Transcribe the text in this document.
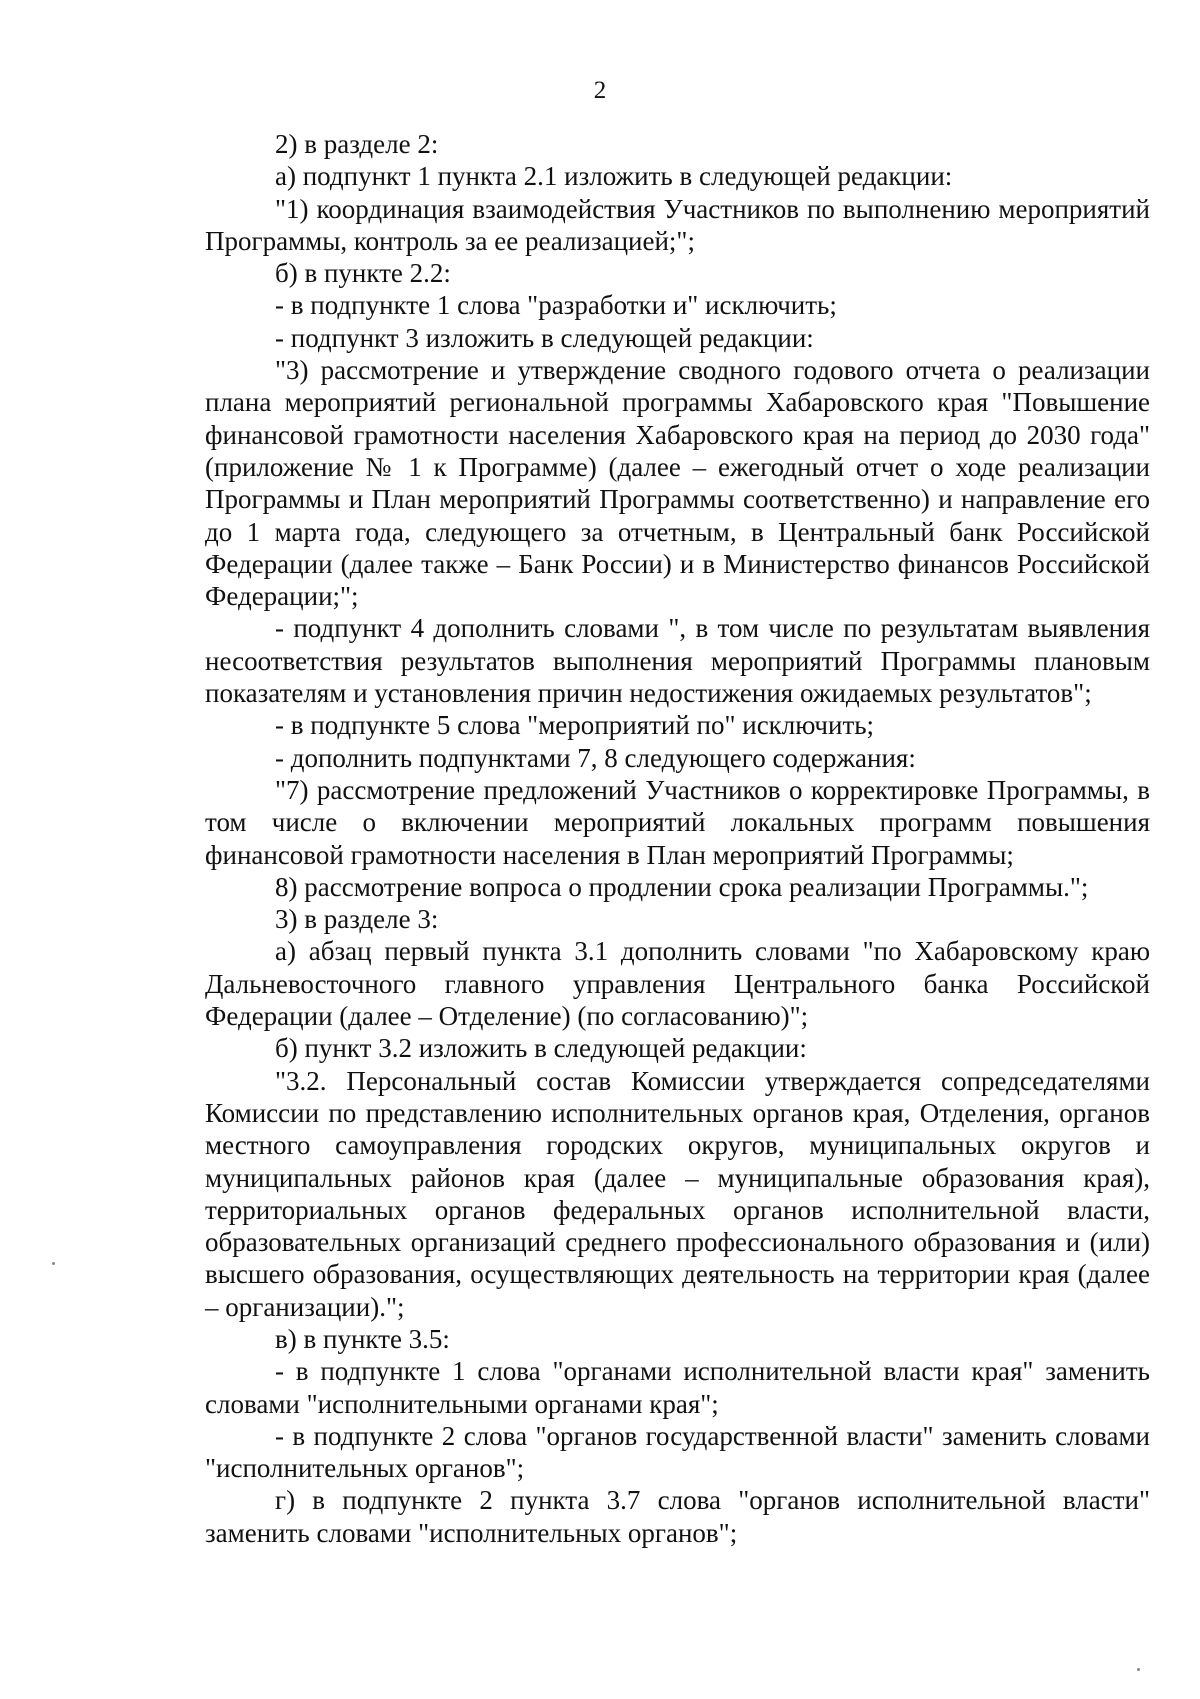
2

2) в разделе 2:

а) подпункт 1 пункта 2.1 изложить в следующей редакции:

"1) координация взаимодействия Участников по выполнению мероприятий Программы, контроль за ее реализацией;";

б) в пункте 2.2:

- в подпункте 1 слова "разработки и" исключить;

- подпункт 3 изложить в следующей редакции:

"3) рассмотрение и утверждение сводного годового отчета о реализации плана мероприятий региональной программы Хабаровского края "Повышение финансовой грамотности населения Хабаровского края на период до 2030 года" (приложение № 1 к Программе) (далее – ежегодный отчет о ходе реализации Программы и План мероприятий Программы соответственно) и направление его до 1 марта года, следующего за отчетным, в Центральный банк Российской Федерации (далее также – Банк России) и в Министерство финансов Российской Федерации;";

- подпункт 4 дополнить словами ", в том числе по результатам выявления несоответствия результатов выполнения мероприятий Программы плановым показателям и установления причин недостижения ожидаемых результатов";

- в подпункте 5 слова "мероприятий по" исключить;

- дополнить подпунктами 7, 8 следующего содержания:

"7) рассмотрение предложений Участников о корректировке Программы, в том числе о включении мероприятий локальных программ повышения финансовой грамотности населения в План мероприятий Программы;

8) рассмотрение вопроса о продлении срока реализации Программы.";

3) в разделе 3:

а) абзац первый пункта 3.1 дополнить словами "по Хабаровскому краю Дальневосточного главного управления Центрального банка Российской Федерации (далее – Отделение) (по согласованию)";

б) пункт 3.2 изложить в следующей редакции:

"3.2. Персональный состав Комиссии утверждается сопредседателями Комиссии по представлению исполнительных органов края, Отделения, органов местного самоуправления городских округов, муниципальных округов и муниципальных районов края (далее – муниципальные образования края), территориальных органов федеральных органов исполнительной власти, образовательных организаций среднего профессионального образования и (или) высшего образования, осуществляющих деятельность на территории края (далее – организации).";

в) в пункте 3.5:

- в подпункте 1 слова "органами исполнительной власти края" заменить словами "исполнительными органами края";

- в подпункте 2 слова "органов государственной власти" заменить словами "исполнительных органов";

г) в подпункте 2 пункта 3.7 слова "органов исполнительной власти" заменить словами "исполнительных органов";
